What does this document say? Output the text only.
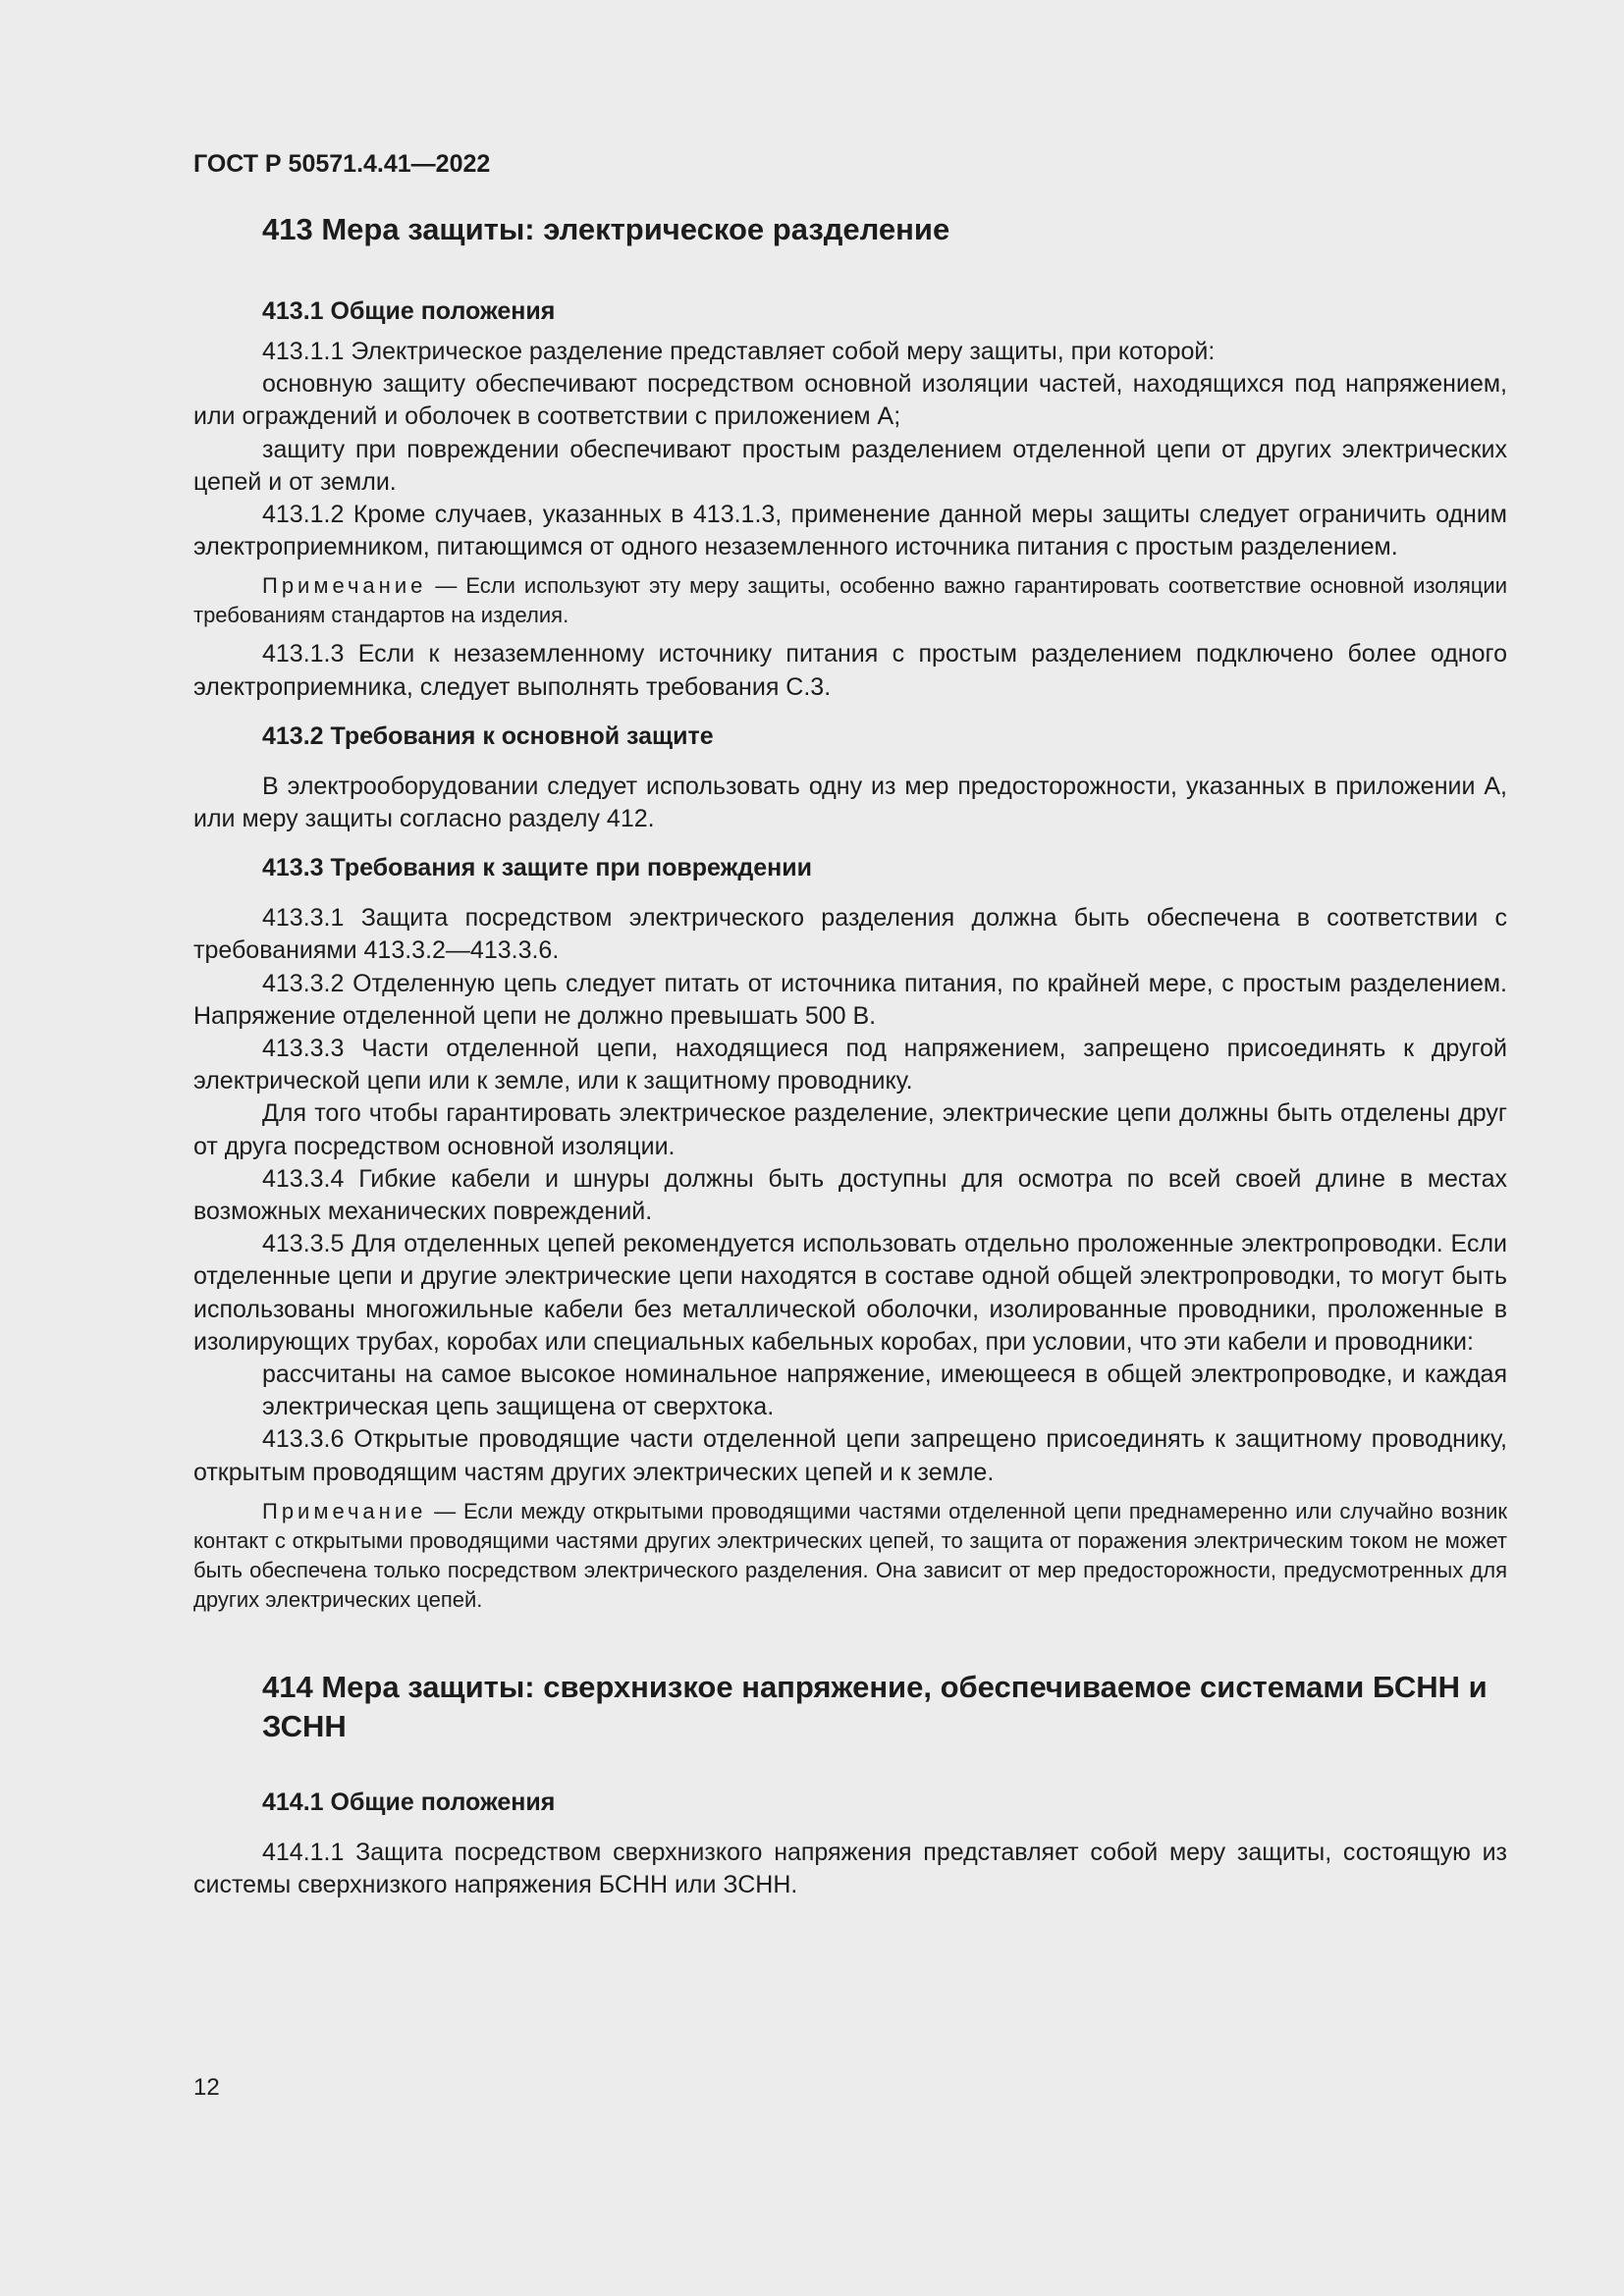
ГОСТ Р 50571.4.41—2022
413 Мера защиты: электрическое разделение
413.1 Общие положения

413.1.1 Электрическое разделение представляет собой меру защиты, при которой:

основную защиту обеспечивают посредством основной изоляции частей, находящихся под напряжением, или ограждений и оболочек в соответствии с приложением А;

защиту при повреждении обеспечивают простым разделением отделенной цепи от других электрических цепей и от земли.

413.1.2 Кроме случаев, указанных в 413.1.3, применение данной меры защиты следует ограничить одним электроприемником, питающимся от одного незаземленного источника питания с простым разделением.

Примечание — Если используют эту меру защиты, особенно важно гарантировать соответствие основной изоляции требованиям стандартов на изделия.

413.1.3 Если к незаземленному источнику питания с простым разделением подключено более одного электроприемника, следует выполнять требования С.3.

413.2 Требования к основной защите

В электрооборудовании следует использовать одну из мер предосторожности, указанных в приложении А, или меру защиты согласно разделу 412.

413.3 Требования к защите при повреждении

413.3.1 Защита посредством электрического разделения должна быть обеспечена в соответствии с требованиями 413.3.2—413.3.6.

413.3.2 Отделенную цепь следует питать от источника питания, по крайней мере, с простым разделением. Напряжение отделенной цепи не должно превышать 500 В.

413.3.3 Части отделенной цепи, находящиеся под напряжением, запрещено присоединять к другой электрической цепи или к земле, или к защитному проводнику.

Для того чтобы гарантировать электрическое разделение, электрические цепи должны быть отделены друг от друга посредством основной изоляции.

413.3.4 Гибкие кабели и шнуры должны быть доступны для осмотра по всей своей длине в местах возможных механических повреждений.

413.3.5 Для отделенных цепей рекомендуется использовать отдельно проложенные электропроводки. Если отделенные цепи и другие электрические цепи находятся в составе одной общей электропроводки, то могут быть использованы многожильные кабели без металлической оболочки, изолированные проводники, проложенные в изолирующих трубах, коробах или специальных кабельных коробах, при условии, что эти кабели и проводники:

рассчитаны на самое высокое номинальное напряжение, имеющееся в общей электропроводке, и каждая электрическая цепь защищена от сверхтока.

413.3.6 Открытые проводящие части отделенной цепи запрещено присоединять к защитному проводнику, открытым проводящим частям других электрических цепей и к земле.

Примечание — Если между открытыми проводящими частями отделенной цепи преднамеренно или случайно возник контакт с открытыми проводящими частями других электрических цепей, то защита от поражения электрическим током не может быть обеспечена только посредством электрического разделения. Она зависит от мер предосторожности, предусмотренных для других электрических цепей.

414 Мера защиты: сверхнизкое напряжение, обеспечиваемое системами БСНН и ЗСНН
414.1 Общие положения

414.1.1 Защита посредством сверхнизкого напряжения представляет собой меру защиты, состоящую из системы сверхнизкого напряжения БСНН или ЗСНН.

12
